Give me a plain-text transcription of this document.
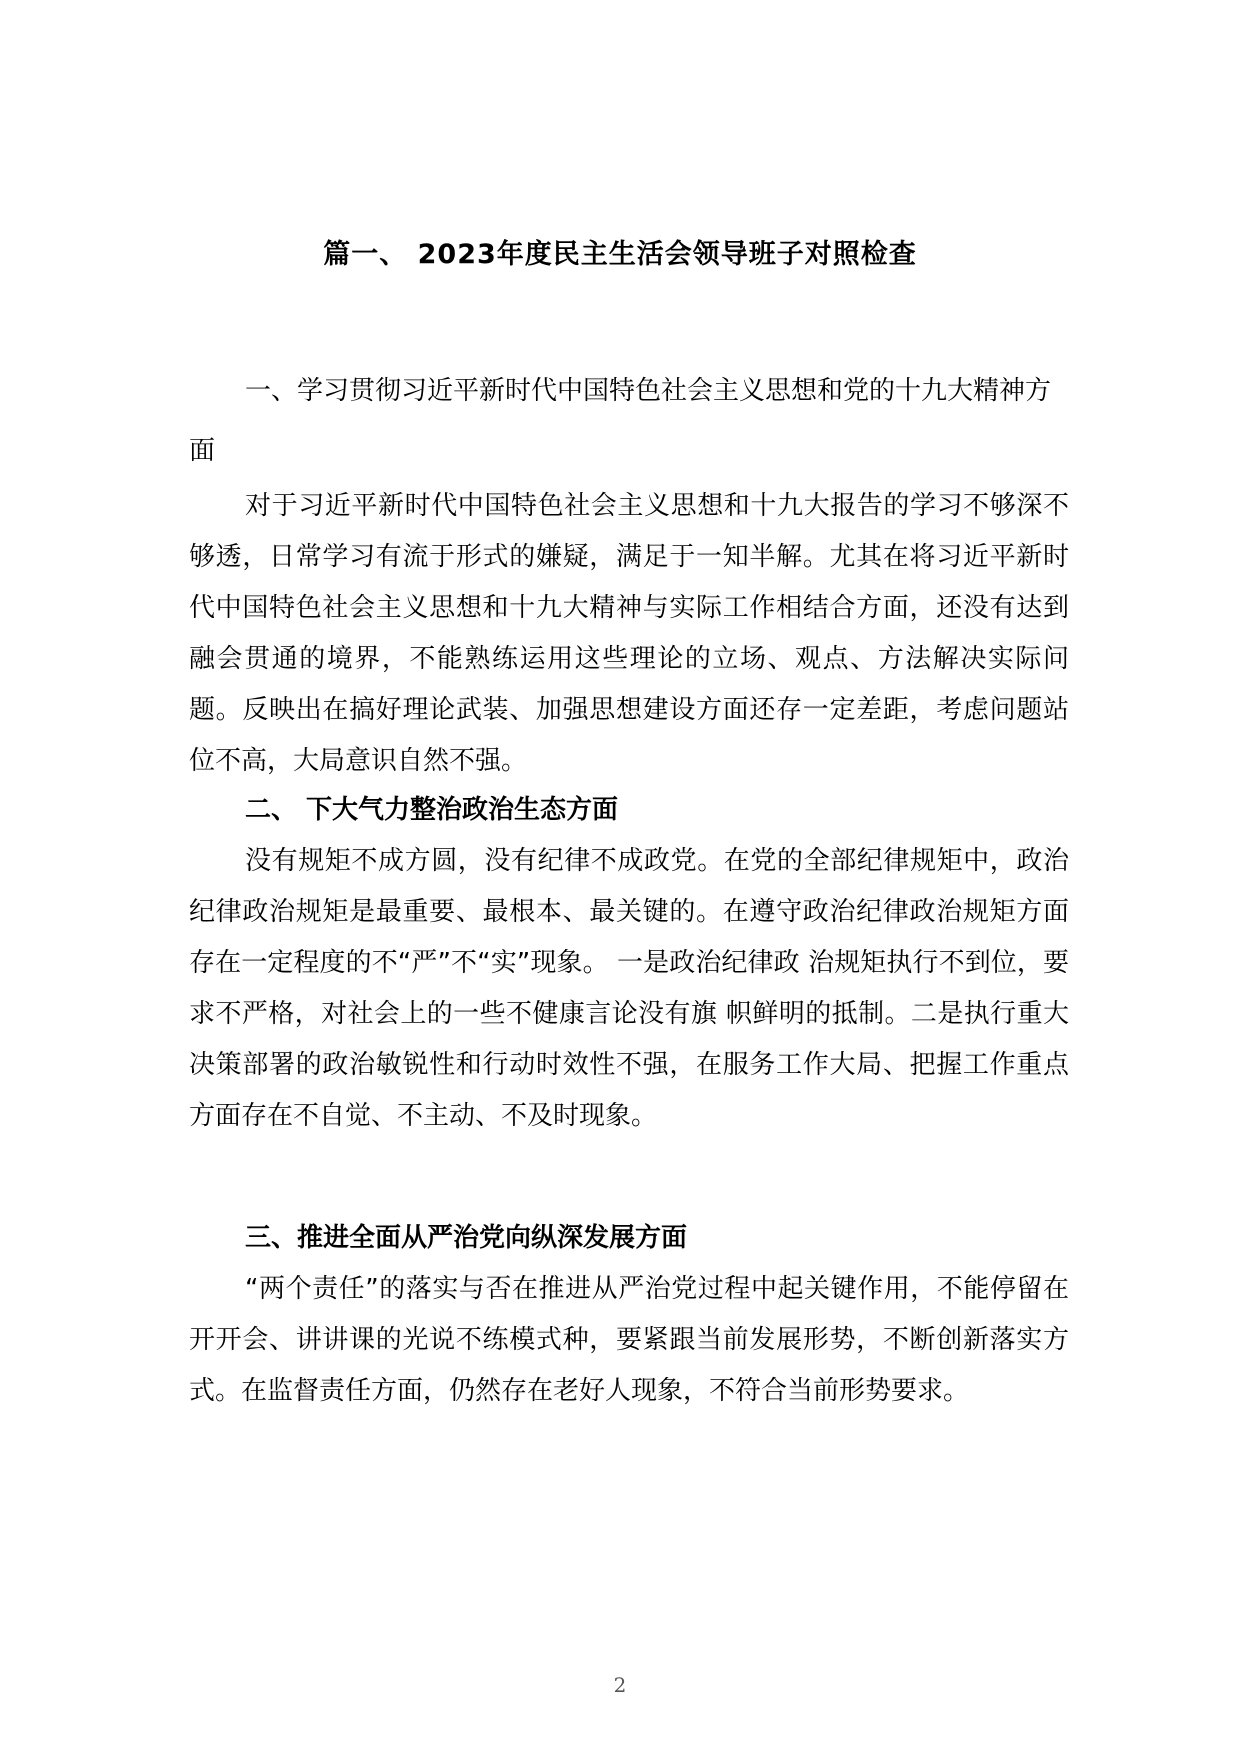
篇一、 2023年度民主生活会领导班子对照检查

一、学习贯彻习近平新时代中国特色社会主义思想和党的十九大精神方面

对于习近平新时代中国特色社会主义思想和十九大报告的学习不够深不够透，日常学习有流于形式的嫌疑，满足于一知半解。尤其在将习近平新时代中国特色社会主义思想和十九大精神与实际工作相结合方面，还没有达到融会贯通的境界，不能熟练运用这些理论的立场、观点、方法解决实际问题。反映出在搞好理论武装、加强思想建设方面还存一定差距，考虑问题站位不高，大局意识自然不强。

二、 下大气力整治政治生态方面

没有规矩不成方圆，没有纪律不成政党。在党的全部纪律规矩中，政治纪律政治规矩是最重要、最根本、最关键的。在遵守政治纪律政治规矩方面存在一定程度的不“严”不“实”现象。 一是政治纪律政 治规矩执行不到位，要求不严格，对社会上的一些不健康言论没有旗 帜鲜明的抵制。二是执行重大决策部署的政治敏锐性和行动时效性不强，在服务工作大局、把握工作重点方面存在不自觉、不主动、不及时现象。

三、推进全面从严治党向纵深发展方面

“两个责任”的落实与否在推进从严治党过程中起关键作用，不能停留在开开会、讲讲课的光说不练模式种，要紧跟当前发展形势，不断创新落实方式。在监督责任方面，仍然存在老好人现象，不符合当前形势要求。

2
